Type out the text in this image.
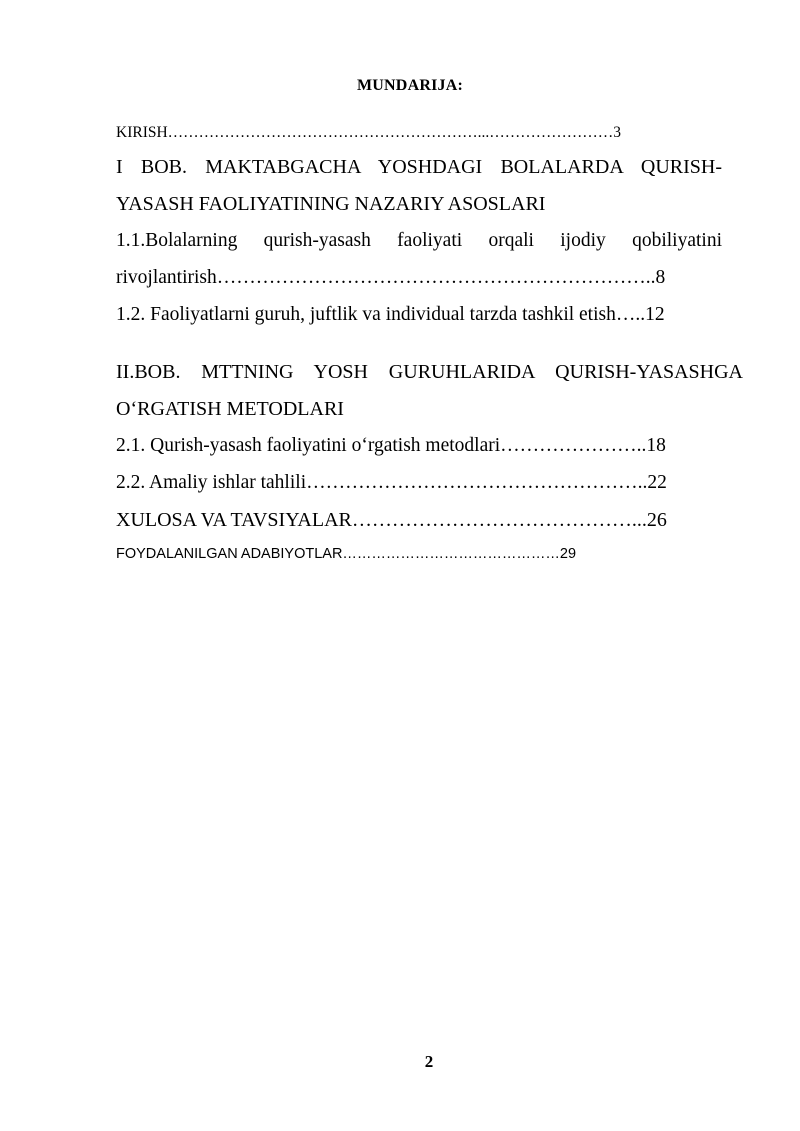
MUNDARIJA:
KIRISH……………………………………………………...……………………3
I BOB. MAKTABGACHA YOSHDAGI BOLALARDA QURISH-
YASASH FAOLIYATINING NAZARIY ASOSLARI
1.1.Bolalarning qurish-yasash faoliyati orqali ijodiy qobiliyatini
rivojlantirish…………………………………………………………..8
1.2. Faoliyatlarni guruh, juftlik va individual tarzda tashkil etish…..12
II.BOB. MTTNING YOSH GURUHLARIDA QURISH-YASASHGA
O‘RGATISH METODLARI
2.1. Qurish-yasash faoliyatini o‘rgatish metodlari…………………..18
2.2. Amaliy ishlar tahlili……………………………………………..22
XULOSA VA TAVSIYALAR……………………………………...26
FOYDALANILGAN ADABIYOTLAR………………………………………29
2
